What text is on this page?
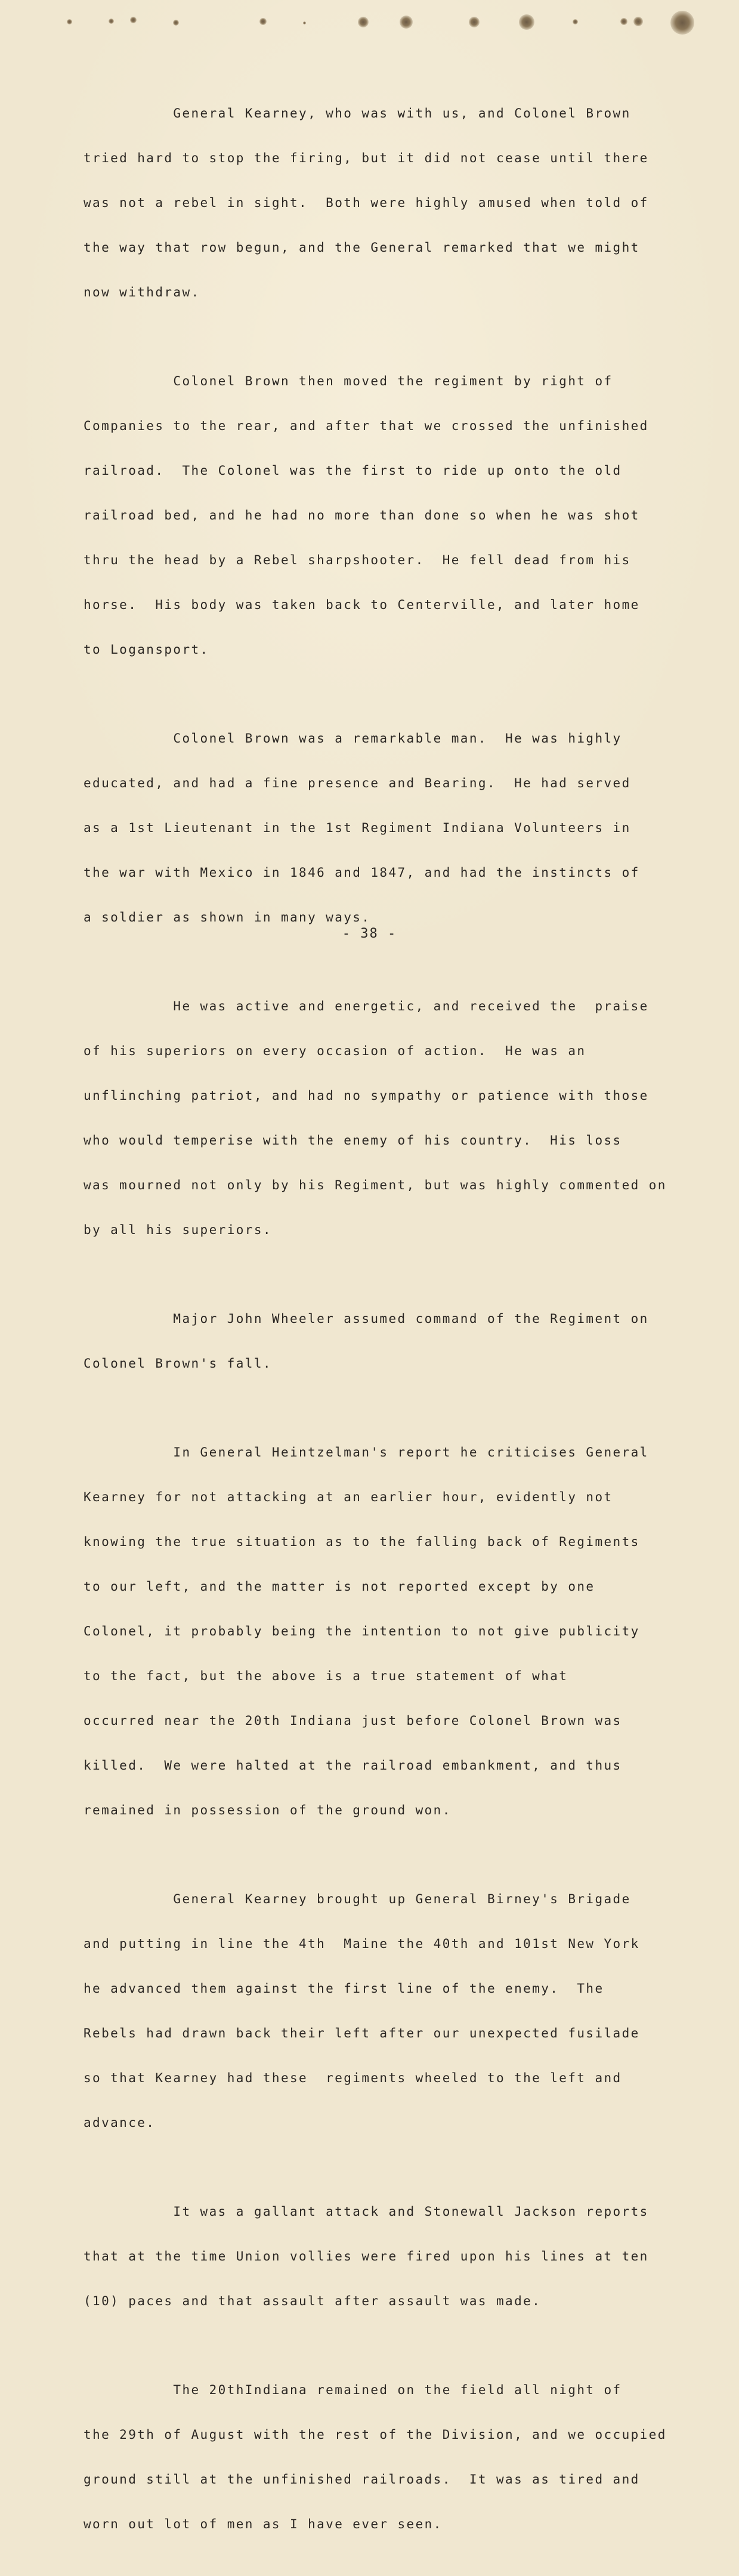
General Kearney, who was with us, and Colonel Brown

tried hard to stop the firing, but it did not cease until there

was not a rebel in sight.  Both were highly amused when told of

the way that row begun, and the General remarked that we might

now withdraw.

Colonel Brown then moved the regiment by right of

Companies to the rear, and after that we crossed the unfinished

railroad.  The Colonel was the first to ride up onto the old

railroad bed, and he had no more than done so when he was shot

thru the head by a Rebel sharpshooter.  He fell dead from his

horse.  His body was taken back to Centerville, and later home

to Logansport.

Colonel Brown was a remarkable man.  He was highly

educated, and had a fine presence and Bearing.  He had served

as a 1st Lieutenant in the 1st Regiment Indiana Volunteers in

the war with Mexico in 1846 and 1847, and had the instincts of

a soldier as shown in many ways.

He was active and energetic, and received the  praise

of his superiors on every occasion of action.  He was an

unflinching patriot, and had no sympathy or patience with those

who would temperise with the enemy of his country.  His loss

was mourned not only by his Regiment, but was highly commented on

by all his superiors.

Major John Wheeler assumed command of the Regiment on

Colonel Brown's fall.

In General Heintzelman's report he criticises General

Kearney for not attacking at an earlier hour, evidently not

knowing the true situation as to the falling back of Regiments

to our left, and the matter is not reported except by one

Colonel, it probably being the intention to not give publicity

to the fact, but the above is a true statement of what

occurred near the 20th Indiana just before Colonel Brown was

killed.  We were halted at the railroad embankment, and thus

remained in possession of the ground won.

General Kearney brought up General Birney's Brigade

and putting in line the 4th  Maine the 40th and 101st New York

he advanced them against the first line of the enemy.  The

Rebels had drawn back their left after our unexpected fusilade

so that Kearney had these  regiments wheeled to the left and

advance.

It was a gallant attack and Stonewall Jackson reports

that at the time Union vollies were fired upon his lines at ten

(10) paces and that assault after assault was made.

The 20thIndiana remained on the field all night of

the 29th of August with the rest of the Division, and we occupied

ground still at the unfinished railroads.  It was as tired and

worn out lot of men as I have ever seen.

- 38 -
